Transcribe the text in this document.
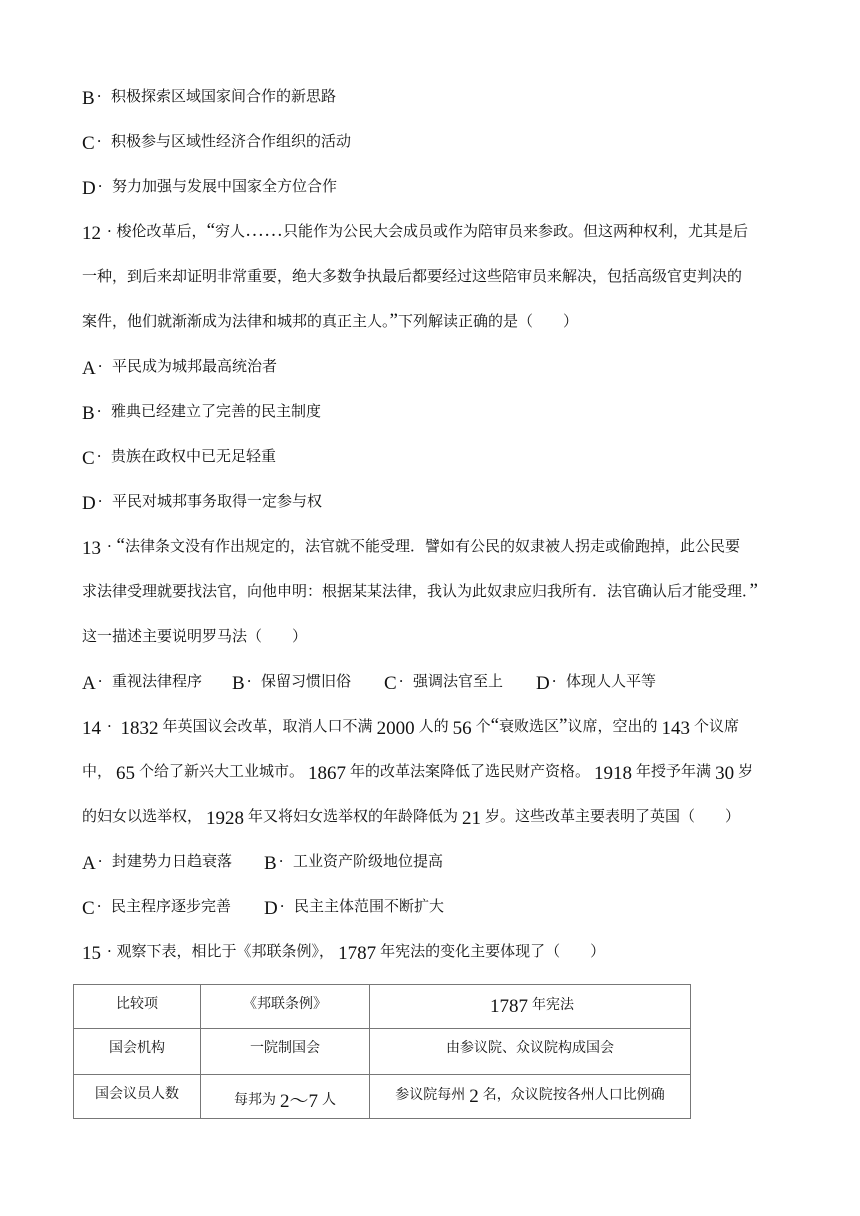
B ·  积极探索区域国家间合作的新思路
C ·  积极参与区域性经济合作组织的活动
D ·  努力加强与发展中国家全方位合作
12 · 梭伦改革后，“穷人……只能作为公民大会成员或作为陪审员来参政。但这两种权利，尤其是后
一种，到后来却证明非常重要，绝大多数争执最后都要经过这些陪审员来解决，包括高级官吏判决的
案件，他们就渐渐成为法律和城邦的真正主人。”下列解读正确的是（　　）
A ·  平民成为城邦最高统治者
B ·  雅典已经建立了完善的民主制度
C ·  贵族在政权中已无足轻重
D ·  平民对城邦事务取得一定参与权
13 · “法律条文没有作出规定的，法官就不能受理．譬如有公民的奴隶被人拐走或偷跑掉，此公民要
求法律受理就要找法官，向他申明：根据某某法律，我认为此奴隶应归我所有．法官确认后才能受理．”
这一描述主要说明罗马法（　　）
A ·  重视法律程序 B ·  保留习惯旧俗 C ·  强调法官至上 D ·  体现人人平等
14 · 1832 年英国议会改革，取消人口不满 2000 人的 56 个“衰败选区”议席，空出的 143 个议席
中， 65 个给了新兴大工业城市。 1867 年的改革法案降低了选民财产资格。 1918 年授予年满 30 岁
的妇女以选举权， 1928 年又将妇女选举权的年龄降低为 21 岁。这些改革主要表明了英国（　　）
A ·  封建势力日趋衰落 B ·  工业资产阶级地位提高
C ·  民主程序逐步完善 D ·  民主主体范围不断扩大
15 · 观察下表，相比于《邦联条例》， 1787 年宪法的变化主要体现了（　　）
比较项	《邦联条例》	1787 年宪法
国会机构	一院制国会	由参议院、众议院构成国会
国会议员人数	每邦为 2～7 人	参议院每州 2 名，众议院按各州人口比例确
